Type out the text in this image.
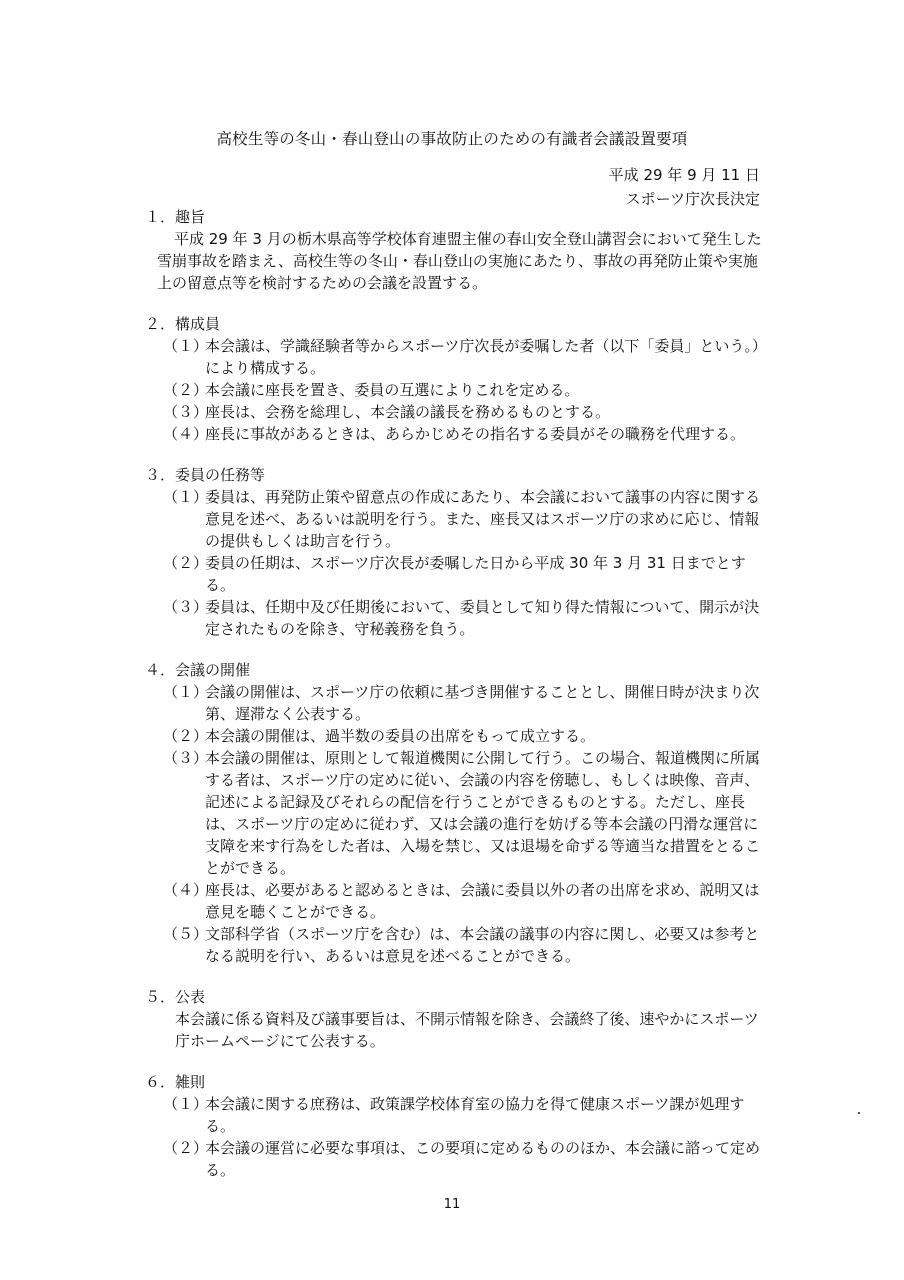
高校生等の冬山・春山登山の事故防止のための有識者会議設置要項
平成 29 年 9 月 11 日
スポーツ庁次長決定
１．趣旨
平成 29 年 3 月の栃木県高等学校体育連盟主催の春山安全登山講習会において発生した雪崩事故を踏まえ、高校生等の冬山・春山登山の実施にあたり、事故の再発防止策や実施上の留意点等を検討するための会議を設置する。
２．構成員
（１）
本会議は、学識経験者等からスポーツ庁次長が委嘱した者（以下「委員」という。）により構成する。
（２）
本会議に座長を置き、委員の互選によりこれを定める。
（３）
座長は、会務を総理し、本会議の議長を務めるものとする。
（４）
座長に事故があるときは、あらかじめその指名する委員がその職務を代理する。
３．委員の任務等
（１）
委員は、再発防止策や留意点の作成にあたり、本会議において議事の内容に関する意見を述べ、あるいは説明を行う。また、座長又はスポーツ庁の求めに応じ、情報の提供もしくは助言を行う。
（２）
委員の任期は、スポーツ庁次長が委嘱した日から平成 30 年 3 月 31 日までとする。
（３）
委員は、任期中及び任期後において、委員として知り得た情報について、開示が決定されたものを除き、守秘義務を負う。
４．会議の開催
（１）
会議の開催は、スポーツ庁の依頼に基づき開催することとし、開催日時が決まり次第、遅滞なく公表する。
（２）
本会議の開催は、過半数の委員の出席をもって成立する。
（３）
本会議の開催は、原則として報道機関に公開して行う。この場合、報道機関に所属する者は、スポーツ庁の定めに従い、会議の内容を傍聴し、もしくは映像、音声、記述による記録及びそれらの配信を行うことができるものとする。ただし、座長は、スポーツ庁の定めに従わず、又は会議の進行を妨げる等本会議の円滑な運営に支障を来す行為をした者は、入場を禁じ、又は退場を命ずる等適当な措置をとることができる。
（４）
座長は、必要があると認めるときは、会議に委員以外の者の出席を求め、説明又は意見を聴くことができる。
（５）
文部科学省（スポーツ庁を含む）は、本会議の議事の内容に関し、必要又は参考となる説明を行い、あるいは意見を述べることができる。
５．公表
本会議に係る資料及び議事要旨は、不開示情報を除き、会議終了後、速やかにスポーツ庁ホームページにて公表する。
６．雑則
（１）
本会議に関する庶務は、政策課学校体育室の協力を得て健康スポーツ課が処理する。
（２）
本会議の運営に必要な事項は、この要項に定めるもののほか、本会議に諮って定める。
11
